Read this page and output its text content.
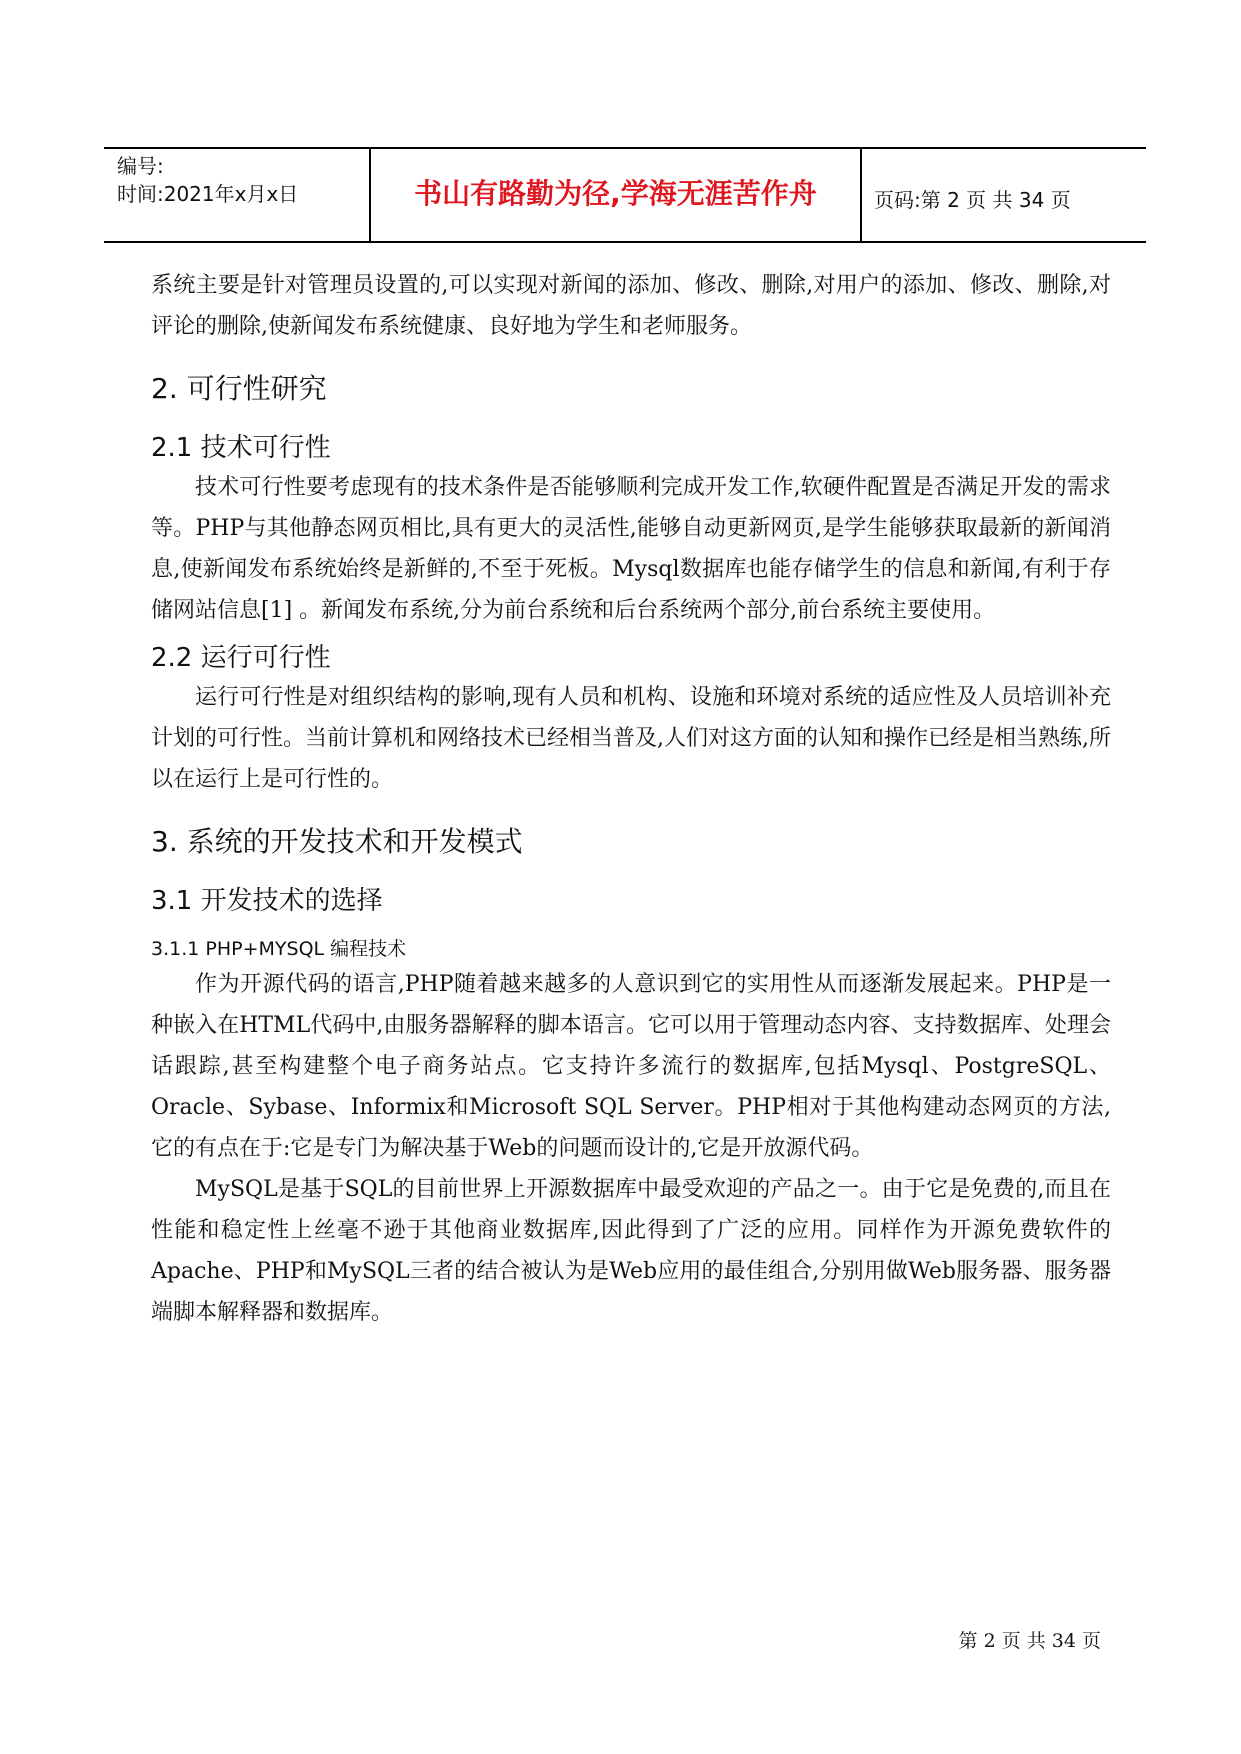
编号:
时间:2021年x月x日	书山有路勤为径,学海无涯苦作舟	页码:第 2 页 共 34 页

系统主要是针对管理员设置的,可以实现对新闻的添加、修改、删除,对用户的添加、修改、删除,对评论的删除,使新闻发布系统健康、良好地为学生和老师服务。

2. 可行性研究
2.1 技术可行性

技术可行性要考虑现有的技术条件是否能够顺利完成开发工作,软硬件配置是否满足开发的需求等。PHP与其他静态网页相比,具有更大的灵活性,能够自动更新网页,是学生能够获取最新的新闻消息,使新闻发布系统始终是新鲜的,不至于死板。Mysql数据库也能存储学生的信息和新闻,有利于存储网站信息[1] 。新闻发布系统,分为前台系统和后台系统两个部分,前台系统主要使用。

2.2 运行可行性

运行可行性是对组织结构的影响,现有人员和机构、设施和环境对系统的适应性及人员培训补充计划的可行性。当前计算机和网络技术已经相当普及,人们对这方面的认知和操作已经是相当熟练,所以在运行上是可行性的。

3. 系统的开发技术和开发模式
3.1 开发技术的选择
3.1.1 PHP+MYSQL 编程技术

作为开源代码的语言,PHP随着越来越多的人意识到它的实用性从而逐渐发展起来。PHP是一种嵌入在HTML代码中,由服务器解释的脚本语言。它可以用于管理动态内容、支持数据库、处理会话跟踪,甚至构建整个电子商务站点。它支持许多流行的数据库,包括Mysql、PostgreSQL、Oracle、Sybase、Informix和Microsoft SQL Server。PHP相对于其他构建动态网页的方法,它的有点在于:它是专门为解决基于Web的问题而设计的,它是开放源代码。

MySQL是基于SQL的目前世界上开源数据库中最受欢迎的产品之一。由于它是免费的,而且在性能和稳定性上丝毫不逊于其他商业数据库,因此得到了广泛的应用。同样作为开源免费软件的Apache、PHP和MySQL三者的结合被认为是Web应用的最佳组合,分别用做Web服务器、服务器端脚本解释器和数据库。

第 2 页 共 34 页
